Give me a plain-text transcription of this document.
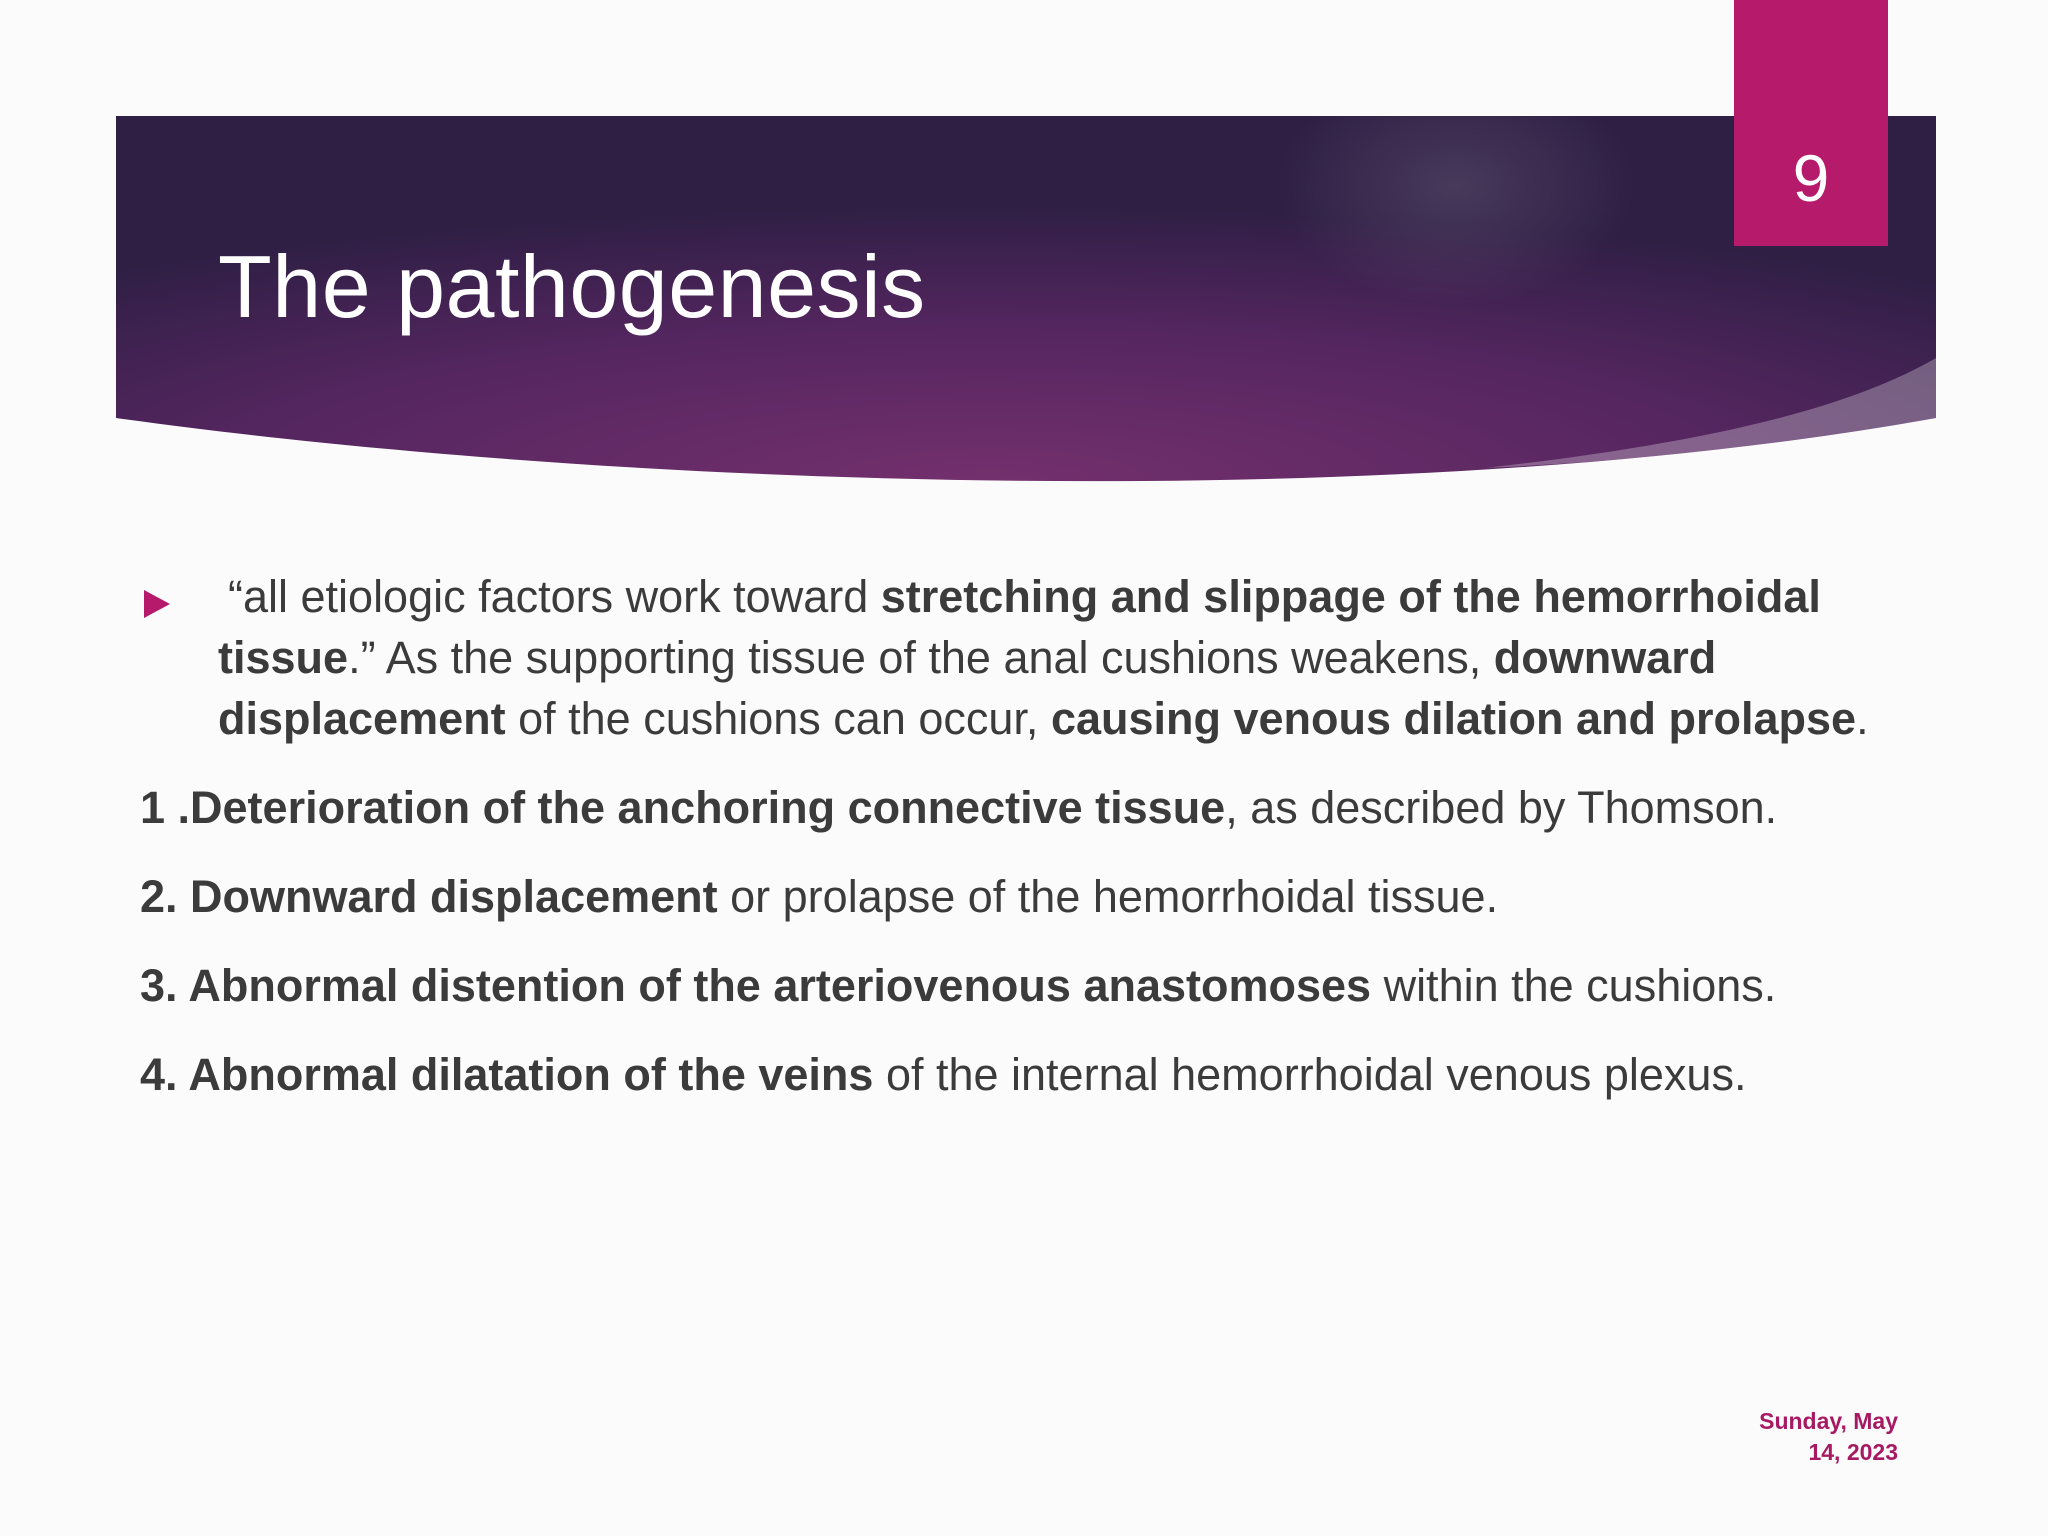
The pathogenesis
9

“all etiologic factors work toward stretching and slippage of the hemorrhoidal tissue.” As the supporting tissue of the anal cushions weakens, downward displacement of the cushions can occur, causing venous dilation and prolapse.

1 .Deterioration of the anchoring connective tissue, as described by Thomson.

2. Downward displacement or prolapse of the hemorrhoidal tissue.

3. Abnormal distention of the arteriovenous anastomoses within the cushions.

4. Abnormal dilatation of the veins of the internal hemorrhoidal venous plexus.

Sunday, May
14, 2023
